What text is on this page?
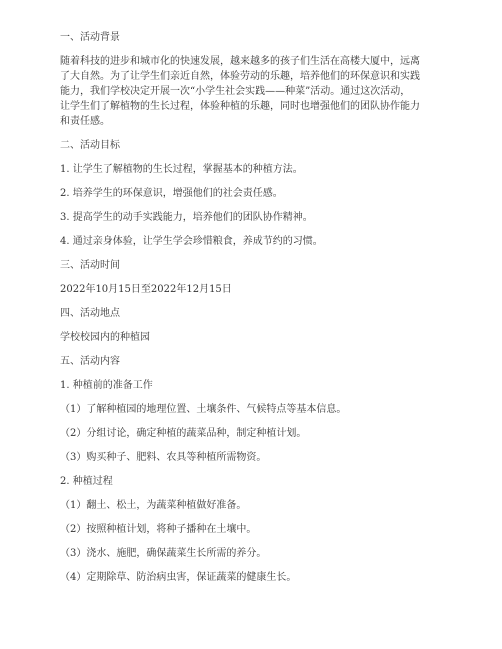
一、活动背景
随着科技的进步和城市化的快速发展，越来越多的孩子们生活在高楼大厦中，远离
了大自然。为了让学生们亲近自然，体验劳动的乐趣，培养他们的环保意识和实践
能力，我们学校决定开展一次“小学生社会实践——种菜”活动。通过这次活动，
让学生们了解植物的生长过程，体验种植的乐趣，同时也增强他们的团队协作能力
和责任感。
二、活动目标
1. 让学生了解植物的生长过程，掌握基本的种植方法。
2. 培养学生的环保意识，增强他们的社会责任感。
3. 提高学生的动手实践能力，培养他们的团队协作精神。
4. 通过亲身体验，让学生学会珍惜粮食，养成节约的习惯。
三、活动时间
2022年10月15日至2022年12月15日
四、活动地点
学校校园内的种植园
五、活动内容
1. 种植前的准备工作
（1）了解种植园的地理位置、土壤条件、气候特点等基本信息。
（2）分组讨论，确定种植的蔬菜品种，制定种植计划。
（3）购买种子、肥料、农具等种植所需物资。
2. 种植过程
（1）翻土、松土，为蔬菜种植做好准备。
（2）按照种植计划，将种子播种在土壤中。
（3）浇水、施肥，确保蔬菜生长所需的养分。
（4）定期除草、防治病虫害，保证蔬菜的健康生长。
